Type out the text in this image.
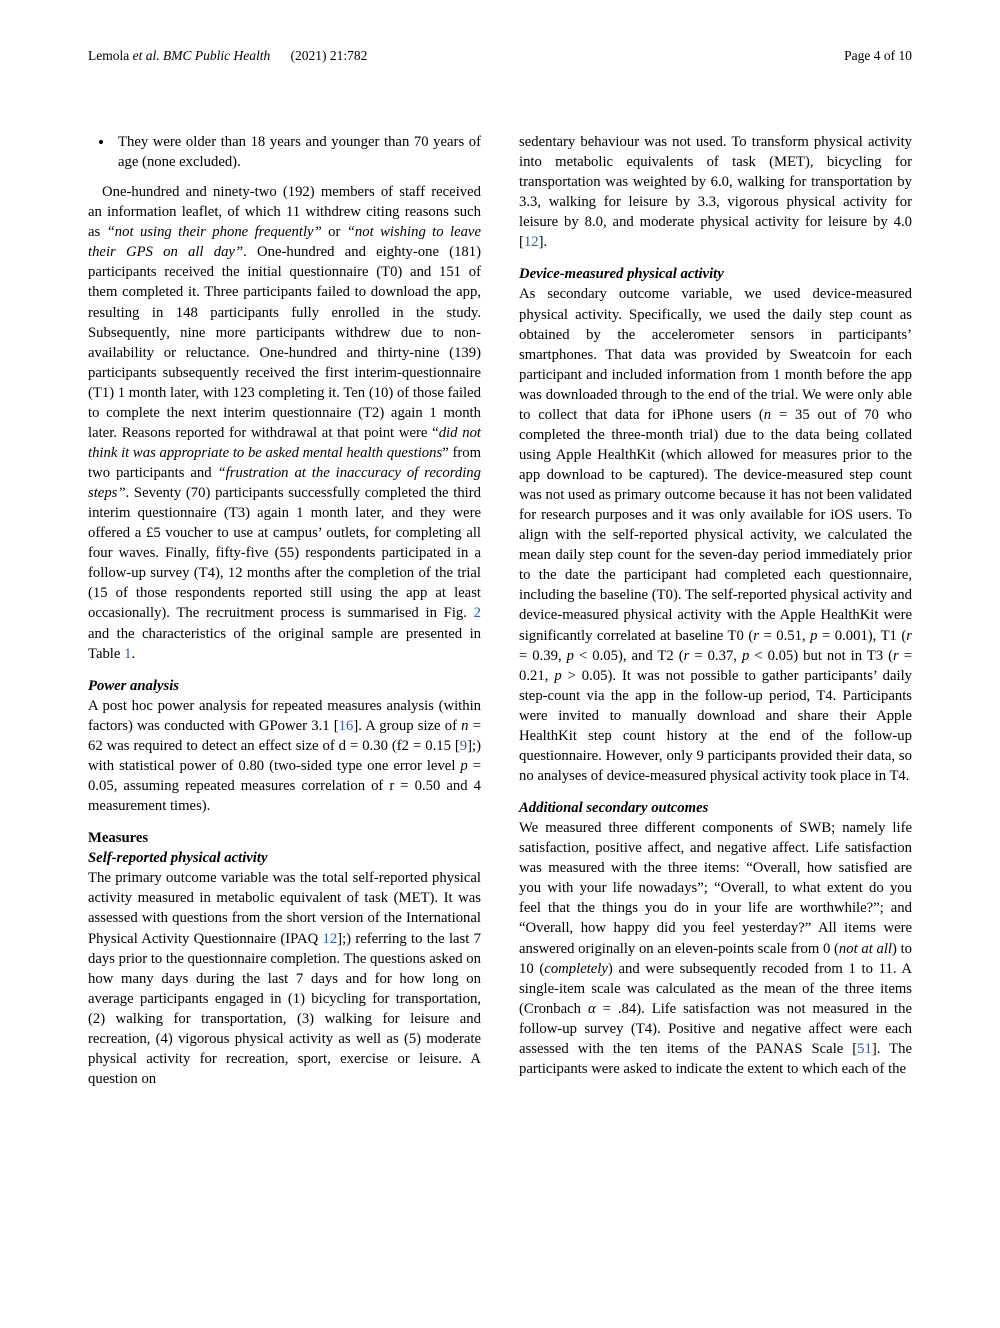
Lemola et al. BMC Public Health (2021) 21:782	Page 4 of 10
• They were older than 18 years and younger than 70 years of age (none excluded).

One-hundred and ninety-two (192) members of staff received an information leaflet, of which 11 withdrew citing reasons such as “not using their phone frequently” or “not wishing to leave their GPS on all day”. One-hundred and eighty-one (181) participants received the initial questionnaire (T0) and 151 of them completed it. Three participants failed to download the app, resulting in 148 participants fully enrolled in the study. Subsequently, nine more participants withdrew due to non-availability or reluctance. One-hundred and thirty-nine (139) participants subsequently received the first interim-questionnaire (T1) 1 month later, with 123 completing it. Ten (10) of those failed to complete the next interim questionnaire (T2) again 1 month later. Reasons reported for withdrawal at that point were “did not think it was appropriate to be asked mental health questions” from two participants and “frustration at the inaccuracy of recording steps”. Seventy (70) participants successfully completed the third interim questionnaire (T3) again 1 month later, and they were offered a £5 voucher to use at campus’ outlets, for completing all four waves. Finally, fifty-five (55) respondents participated in a follow-up survey (T4), 12 months after the completion of the trial (15 of those respondents reported still using the app at least occasionally). The recruitment process is summarised in Fig. 2 and the characteristics of the original sample are presented in Table 1.

Power analysis

A post hoc power analysis for repeated measures analysis (within factors) was conducted with GPower 3.1 [16]. A group size of n = 62 was required to detect an effect size of d = 0.30 (f2 = 0.15 [9];) with statistical power of 0.80 (two-sided type one error level p = 0.05, assuming repeated measures correlation of r = 0.50 and 4 measurement times).

Measures
Self-reported physical activity

The primary outcome variable was the total self-reported physical activity measured in metabolic equivalent of task (MET). It was assessed with questions from the short version of the International Physical Activity Questionnaire (IPAQ 12];) referring to the last 7 days prior to the questionnaire completion. The questions asked on how many days during the last 7 days and for how long on average participants engaged in (1) bicycling for transportation, (2) walking for transportation, (3) walking for leisure and recreation, (4) vigorous physical activity as well as (5) moderate physical activity for recreation, sport, exercise or leisure. A question on

sedentary behaviour was not used. To transform physical activity into metabolic equivalents of task (MET), bicycling for transportation was weighted by 6.0, walking for transportation by 3.3, walking for leisure by 3.3, vigorous physical activity for leisure by 8.0, and moderate physical activity for leisure by 4.0 [12].

Device-measured physical activity

As secondary outcome variable, we used device-measured physical activity. Specifically, we used the daily step count as obtained by the accelerometer sensors in participants’ smartphones. That data was provided by Sweatcoin for each participant and included information from 1 month before the app was downloaded through to the end of the trial. We were only able to collect that data for iPhone users (n = 35 out of 70 who completed the three-month trial) due to the data being collated using Apple HealthKit (which allowed for measures prior to the app download to be captured). The device-measured step count was not used as primary outcome because it has not been validated for research purposes and it was only available for iOS users. To align with the self-reported physical activity, we calculated the mean daily step count for the seven-day period immediately prior to the date the participant had completed each questionnaire, including the baseline (T0). The self-reported physical activity and device-measured physical activity with the Apple HealthKit were significantly correlated at baseline T0 (r = 0.51, p = 0.001), T1 (r = 0.39, p < 0.05), and T2 (r = 0.37, p < 0.05) but not in T3 (r = 0.21, p > 0.05). It was not possible to gather participants’ daily step-count via the app in the follow-up period, T4. Participants were invited to manually download and share their Apple HealthKit step count history at the end of the follow-up questionnaire. However, only 9 participants provided their data, so no analyses of device-measured physical activity took place in T4.

Additional secondary outcomes

We measured three different components of SWB; namely life satisfaction, positive affect, and negative affect. Life satisfaction was measured with the three items: “Overall, how satisfied are you with your life nowadays”; “Overall, to what extent do you feel that the things you do in your life are worthwhile?”; and “Overall, how happy did you feel yesterday?” All items were answered originally on an eleven-points scale from 0 (not at all) to 10 (completely) and were subsequently recoded from 1 to 11. A single-item scale was calculated as the mean of the three items (Cronbach α = .84). Life satisfaction was not measured in the follow-up survey (T4). Positive and negative affect were each assessed with the ten items of the PANAS Scale [51]. The participants were asked to indicate the extent to which each of the
